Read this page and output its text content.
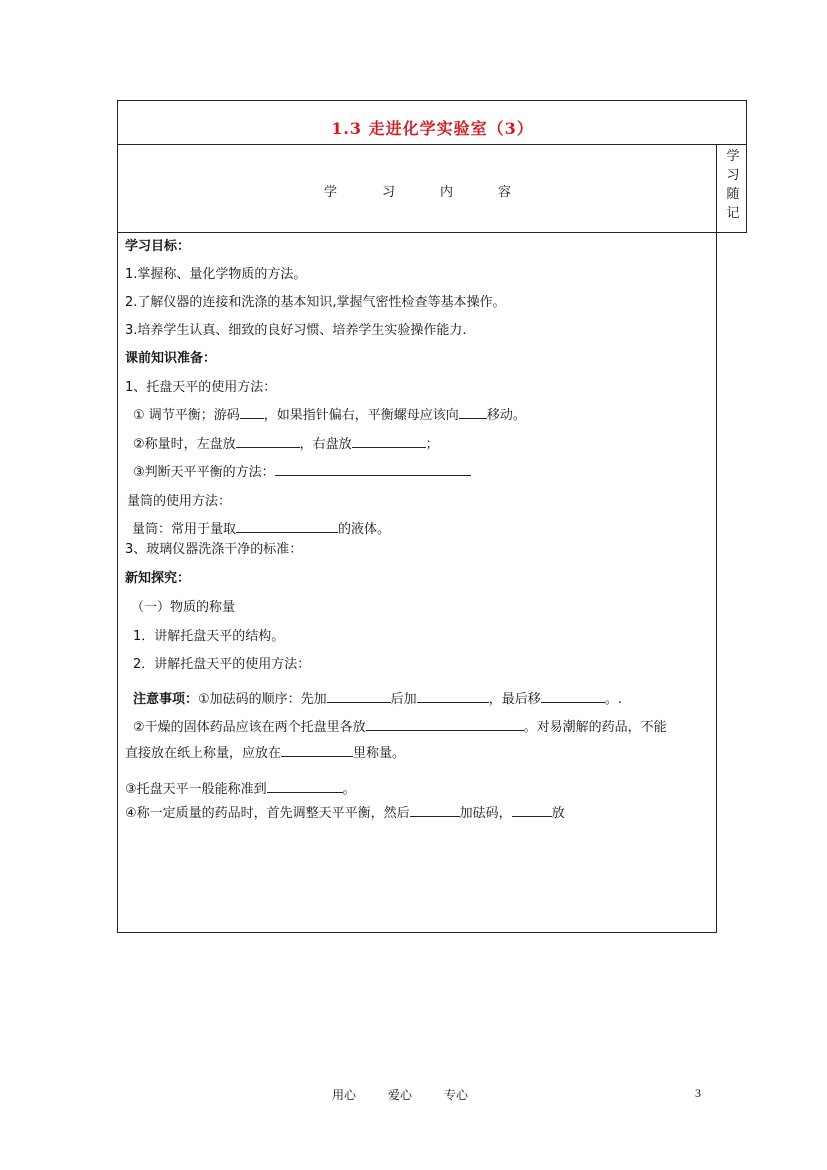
1.3 走进化学实验室（3）
学	习	内	容
学
习
随
记
学习目标：
1.掌握称、量化学物质的方法。
2.了解仪器的连接和洗涤的基本知识,掌握气密性检查等基本操作。
3.培养学生认真、细致的良好习惯、培养学生实验操作能力.
课前知识准备：
1、托盘天平的使用方法：
① 调节平衡；游码 ，如果指针偏右，平衡螺母应该向 移动。
②称量时，左盘放	，右盘放	；
③判断天平平衡的方法：
量筒的使用方法：
量筒：常用于量取	的液体。
3、玻璃仪器洗涤干净的标准：
新知探究：
（一）物质的称量
1．讲解托盘天平的结构。
2．讲解托盘天平的使用方法：
注意事项：①加砝码的顺序：先加	后加	，最后移	。.
②干燥的固体药品应该在两个托盘里各放	。对易潮解的药品，不能
直接放在纸上称量，应放在	里称量。
③托盘天平一般能称准到	。
④称一定质量的药品时，首先调整天平平衡，然后	加砝码，	放
用心	爱心	专心	3
